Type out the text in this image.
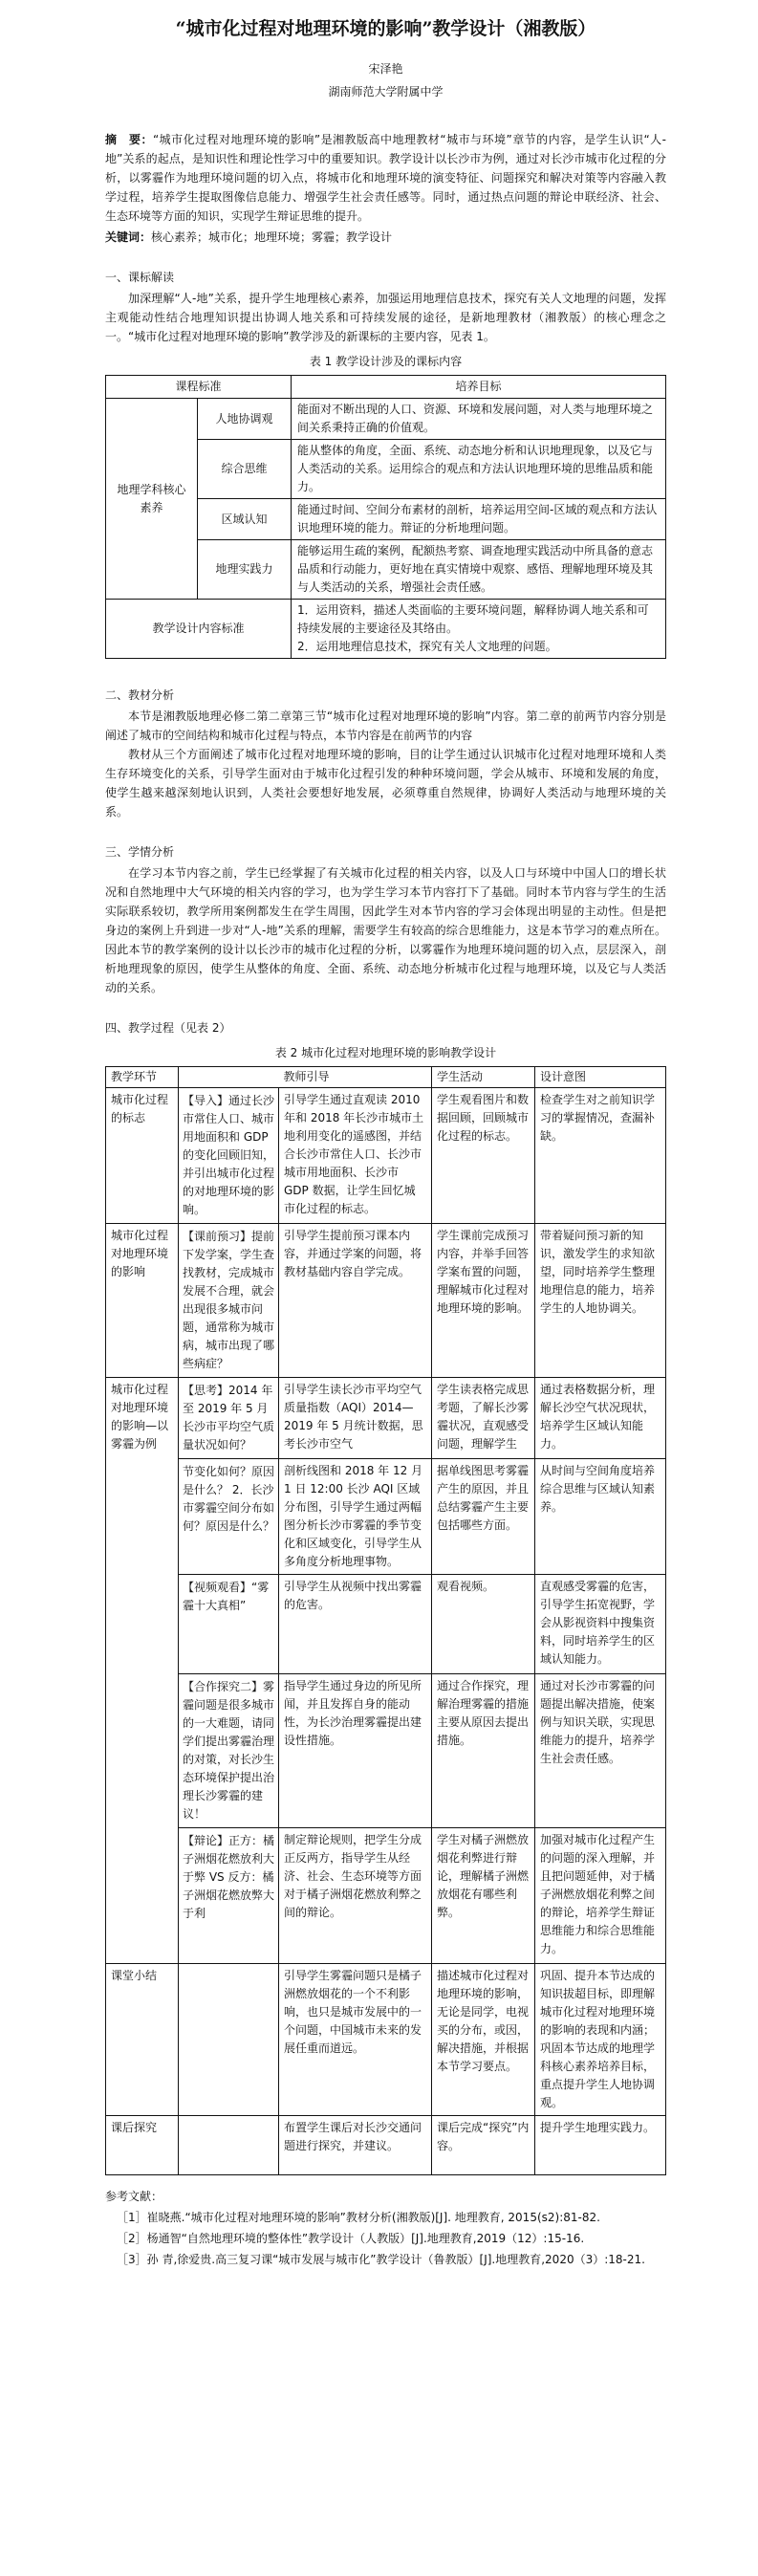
“城市化过程对地理环境的影响”教学设计（湘教版）
宋泽艳
湖南师范大学附属中学

摘　要：“城市化过程对地理环境的影响”是湘教版高中地理教材“城市与环境”章节的内容，是学生认识“人-地”关系的起点，是知识性和理论性学习中的重要知识。教学设计以长沙市为例，通过对长沙市城市化过程的分析，以雾霾作为地理环境问题的切入点，将城市化和地理环境的演变特征、问题探究和解决对策等内容融入教学过程，培养学生提取图像信息能力、增强学生社会责任感等。同时，通过热点问题的辩论申联经济、社会、生态环境等方面的知识，实现学生辩证思维的提升。

关键词：核心素养；城市化；地理环境；雾霾；教学设计

一、课标解读

加深理解“人-地”关系，提升学生地理核心素养，加强运用地理信息技术，探究有关人文地理的问题，发挥主观能动性结合地理知识提出协调人地关系和可持续发展的途径，是新地理教材（湘教版）的核心理念之一。“城市化过程对地理环境的影响”教学涉及的新课标的主要内容，见表 1。

表 1 教学设计涉及的课标内容
课程标准		培养目标
地理学科核心素养	人地协调观	能面对不断出现的人口、资源、环境和发展问题，对人类与地理环境之间关系秉持正确的价值观。
	综合思维	能从整体的角度，全面、系统、动态地分析和认识地理现象，以及它与人类活动的关系。运用综合的观点和方法认识地理环境的思维品质和能力。
	区域认知	能通过时间、空间分布素材的剖析，培养运用空间-区域的观点和方法认识地理环境的能力。辩证的分析地理问题。
	地理实践力	能够运用生疏的案例，配额热考察、调查地理实践活动中所具备的意志品质和行动能力，更好地在真实情境中观察、感悟、理解地理环境及其与人类活动的关系，增强社会责任感。
教学设计内容标准		1．运用资料，描述人类面临的主要环境问题，解释协调人地关系和可持续发展的主要途径及其络由。
2．运用地理信息技术，探究有关人文地理的问题。
二、教材分析

本节是湘教版地理必修二第二章第三节“城市化过程对地理环境的影响”内容。第二章的前两节内容分别是阐述了城市的空间结构和城市化过程与特点，本节内容是在前两节的内容

教材从三个方面阐述了城市化过程对地理环境的影响，目的让学生通过认识城市化过程对地理环境和人类生存环境变化的关系，引导学生面对由于城市化过程引发的种种环境问题，学会从城市、环境和发展的角度，使学生越来越深刻地认识到，人类社会要想好地发展，必须尊重自然规律，协调好人类活动与地理环境的关系。

三、学情分析

在学习本节内容之前，学生已经掌握了有关城市化过程的相关内容，以及人口与环境中中国人口的增长状况和自然地理中大气环境的相关内容的学习，也为学生学习本节内容打下了基础。同时本节内容与学生的生活实际联系较切，教学所用案例都发生在学生周围，因此学生对本节内容的学习会体现出明显的主动性。但是把身边的案例上升到进一步对“人-地”关系的理解，需要学生有较高的综合思维能力，这是本节学习的难点所在。因此本节的教学案例的设计以长沙市的城市化过程的分析，以雾霾作为地理环境问题的切入点，层层深入，剖析地理现象的原因，使学生从整体的角度、全面、系统、动态地分析城市化过程与地理环境，以及它与人类活动的关系。

四、教学过程（见表 2）
表 2 城市化过程对地理环境的影响教学设计
教学环节		教师引导	学生活动	设计意图
城市化过程的标志	【导入】通过长沙市常住人口、城市用地面积和 GDP 的变化回顾旧知，并引出城市化过程的对地理环境的影响。	引导学生通过直观读 2010 年和 2018 年长沙市城市土地利用变化的遥感图，并结合长沙市常住人口、长沙市城市用地面积、长沙市 GDP 数据，让学生回忆城市化过程的标志。	学生观看图片和数据回顾，回顾城市化过程的标志。	检查学生对之前知识学习的掌握情况，查漏补缺。
城市化过程对地理环境的影响	【课前预习】提前下发学案，学生查找教材，完成城市发展不合理，就会出现很多城市问题，通常称为城市病，城市出现了哪些病症？	引导学生提前预习课本内容，并通过学案的问题，将教材基础内容自学完成。	学生课前完成预习内容，并举手回答学案布置的问题，理解城市化过程对地理环境的影响。	带着疑问预习新的知识，激发学生的求知欲望，同时培养学生整理地理信息的能力，培养学生的人地协调关。
城市化过程对地理环境的影响—以雾霾为例	【思考】2014 年至 2019 年 5 月长沙市平均空气质量状况如何？	引导学生读长沙市平均空气质量指数（AQI）2014—2019 年 5 月统计数据，思考长沙市空气	学生读表格完成思考题，了解长沙雾霾状况，直观感受问题，理解学生	通过表格数据分析，理解长沙空气状况现状，培养学生区域认知能力。
	节变化如何？原因是什么？ 2．长沙市雾霾空间分布如何？原因是什么？	剖析线图和 2018 年 12 月 1 日 12:00 长沙 AQI 区域分布图，引导学生通过两幅图分析长沙市雾霾的季节变化和区域变化，引导学生从多角度分析地理事物。	据单线图思考雾霾产生的原因，并且总结雾霾产生主要包括哪些方面。	从时间与空间角度培养综合思维与区域认知素养。
	【视频观看】“雾霾十大真相”	引导学生从视频中找出雾霾的危害。	观看视频。	直观感受雾霾的危害，引导学生拓宽视野，学会从影视资料中搜集资料，同时培养学生的区域认知能力。
	【合作探究二】雾霾问题是很多城市的一大难题，请同学们提出雾霾治理的对策，对长沙生态环境保护提出治理长沙雾霾的建议！	指导学生通过身边的所见所闻，并且发挥自身的能动性，为长沙治理雾霾提出建设性措施。	通过合作探究，理解治理雾霾的措施主要从原因去提出措施。	通过对长沙市雾霾的问题提出解决措施，使案例与知识关联，实现思维能力的提升，培养学生社会责任感。
	【辩论】正方：橘子洲烟花燃放利大于弊 VS 反方：橘子洲烟花燃放弊大于利	制定辩论规则，把学生分成正反两方，指导学生从经济、社会、生态环境等方面对于橘子洲烟花燃放利弊之间的辩论。	学生对橘子洲燃放烟花利弊进行辩论，理解橘子洲燃放烟花有哪些利弊。	加强对城市化过程产生的问题的深入理解，并且把问题延伸，对于橘子洲燃放烟花利弊之间的辩论，培养学生辩证思维能力和综合思维能力。
课堂小结		引导学生雾霾问题只是橘子洲燃放烟花的一个不利影响，也只是城市发展中的一个问题，中国城市未来的发展任重而道远。	描述城市化过程对地理环境的影响，无论是同学，电视买的分布，或因，解决措施，并根据本节学习要点。	巩固、提升本节达成的知识拔超目标，即理解城市化过程对地理环境的影响的表现和内涵；巩固本节达成的地理学科核心素养培养目标，重点提升学生人地协调观。
课后探究		布置学生课后对长沙交通问题进行探究，并建议。	课后完成“探究”内容。	提升学生地理实践力。
参考文献：
［1］崔晓燕.“城市化过程对地理环境的影响”教材分析(湘教版)[J]. 地理教育, 2015(s2):81-82.
［2］杨通智“自然地理环境的整体性”教学设计（人教版）[J].地理教育,2019（12）:15-16.
［3］孙 青,徐爱贵.高三复习课“城市发展与城市化”教学设计（鲁教版）[J].地理教育,2020（3）:18-21.
